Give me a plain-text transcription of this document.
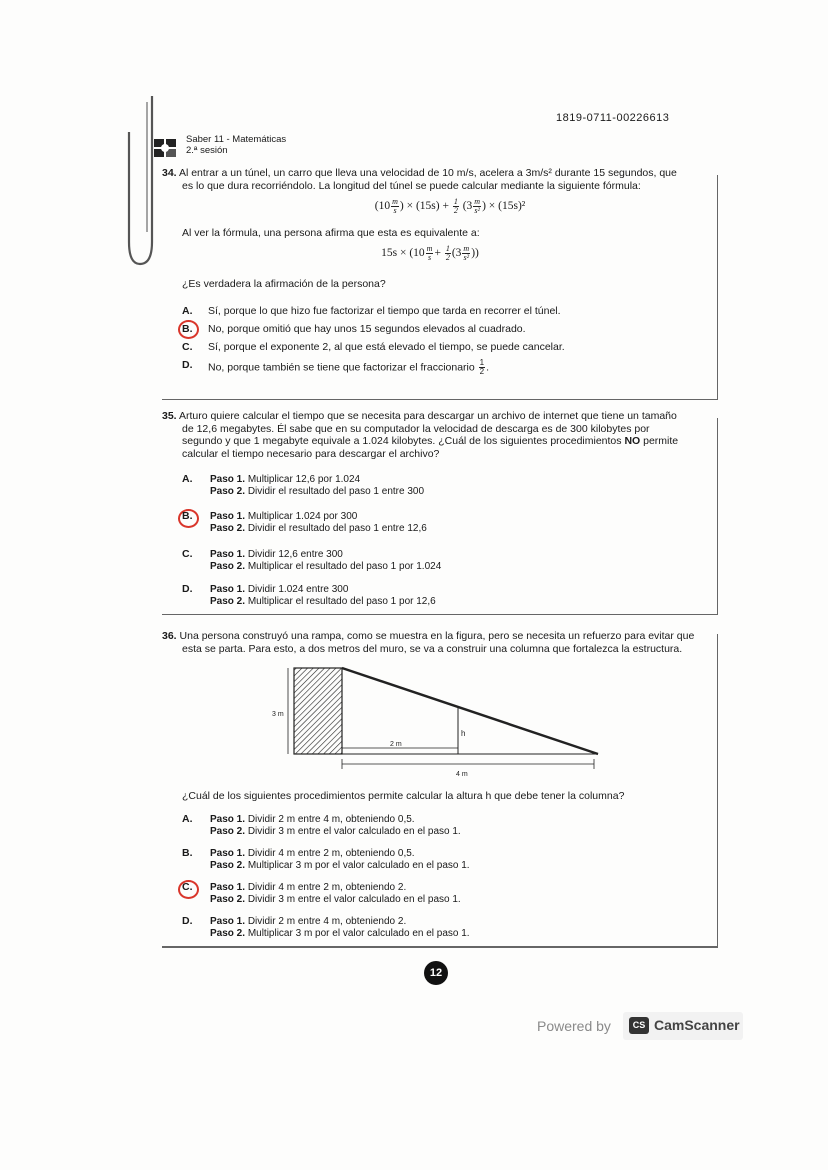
1819-0711-00226613
Saber 11 - Matemáticas
2.ª sesión
34. Al entrar a un túnel, un carro que lleva una velocidad de 10 m/s, acelera a 3m/s² durante 15 segundos, que
es lo que dura recorriéndolo. La longitud del túnel se puede calcular mediante la siguiente fórmula:
($10 \frac{m}{s}$ ) × $(15s) + \frac{1}{2} (3 \frac{m}{\text{s²}}$ ) × (15s)²
Al ver la fórmula, una persona afirma que esta es equivalente a:
$15s \times (10 \frac{m}{s} + \frac{1}{2} (3 \frac{m}{\text{s²}}$ ))
¿Es verdadera la afirmación de la persona?
A. Sí, porque lo que hizo fue factorizar el tiempo que tarda en recorrer el túnel.
B. No, porque omitió que hay unos 15 segundos elevados al cuadrado.
C. Sí, porque el exponente 2, al que está elevado el tiempo, se puede cancelar.
D. No, porque también se tiene que factorizar el fraccionario $\frac{1}{2}$ .
35. Arturo quiere calcular el tiempo que se necesita para descargar un archivo de internet que tiene un tamaño
de 12,6 megabytes. Él sabe que en su computador la velocidad de descarga es de 300 kilobytes por
segundo y que 1 megabyte equivale a 1.024 kilobytes. ¿Cuál de los siguientes procedimientos NO permite
calcular el tiempo necesario para descargar el archivo?
A. Paso 1. Multiplicar 12,6 por 1.024
Paso 2. Dividir el resultado del paso 1 entre 300
B. Paso 1. Multiplicar 1.024 por 300
Paso 2. Dividir el resultado del paso 1 entre 12,6
C. Paso 1. Dividir 12,6 entre 300
Paso 2. Multiplicar el resultado del paso 1 por 1.024
D. Paso 1. Dividir 1.024 entre 300
Paso 2. Multiplicar el resultado del paso 1 por 12,6
36. Una persona construyó una rampa, como se muestra en la figura, pero se necesita un refuerzo para evitar que
esta se parta. Para esto, a dos metros del muro, se va a construir una columna que fortalezca la estructura.
3 m
h
2 m
4 m
¿Cuál de los siguientes procedimientos permite calcular la altura h que debe tener la columna?
A. Paso 1. Dividir 2 m entre 4 m, obteniendo 0,5.
Paso 2. Dividir 3 m entre el valor calculado en el paso 1.
B. Paso 1. Dividir 4 m entre 2 m, obteniendo 0,5.
Paso 2. Multiplicar 3 m por el valor calculado en el paso 1.
C. Paso 1. Dividir 4 m entre 2 m, obteniendo 2.
Paso 2. Dividir 3 m entre el valor calculado en el paso 1.
D. Paso 1. Dividir 2 m entre 4 m, obteniendo 2.
Paso 2. Multiplicar 3 m por el valor calculado en el paso 1.
12
Powered by	CS CamScanner
